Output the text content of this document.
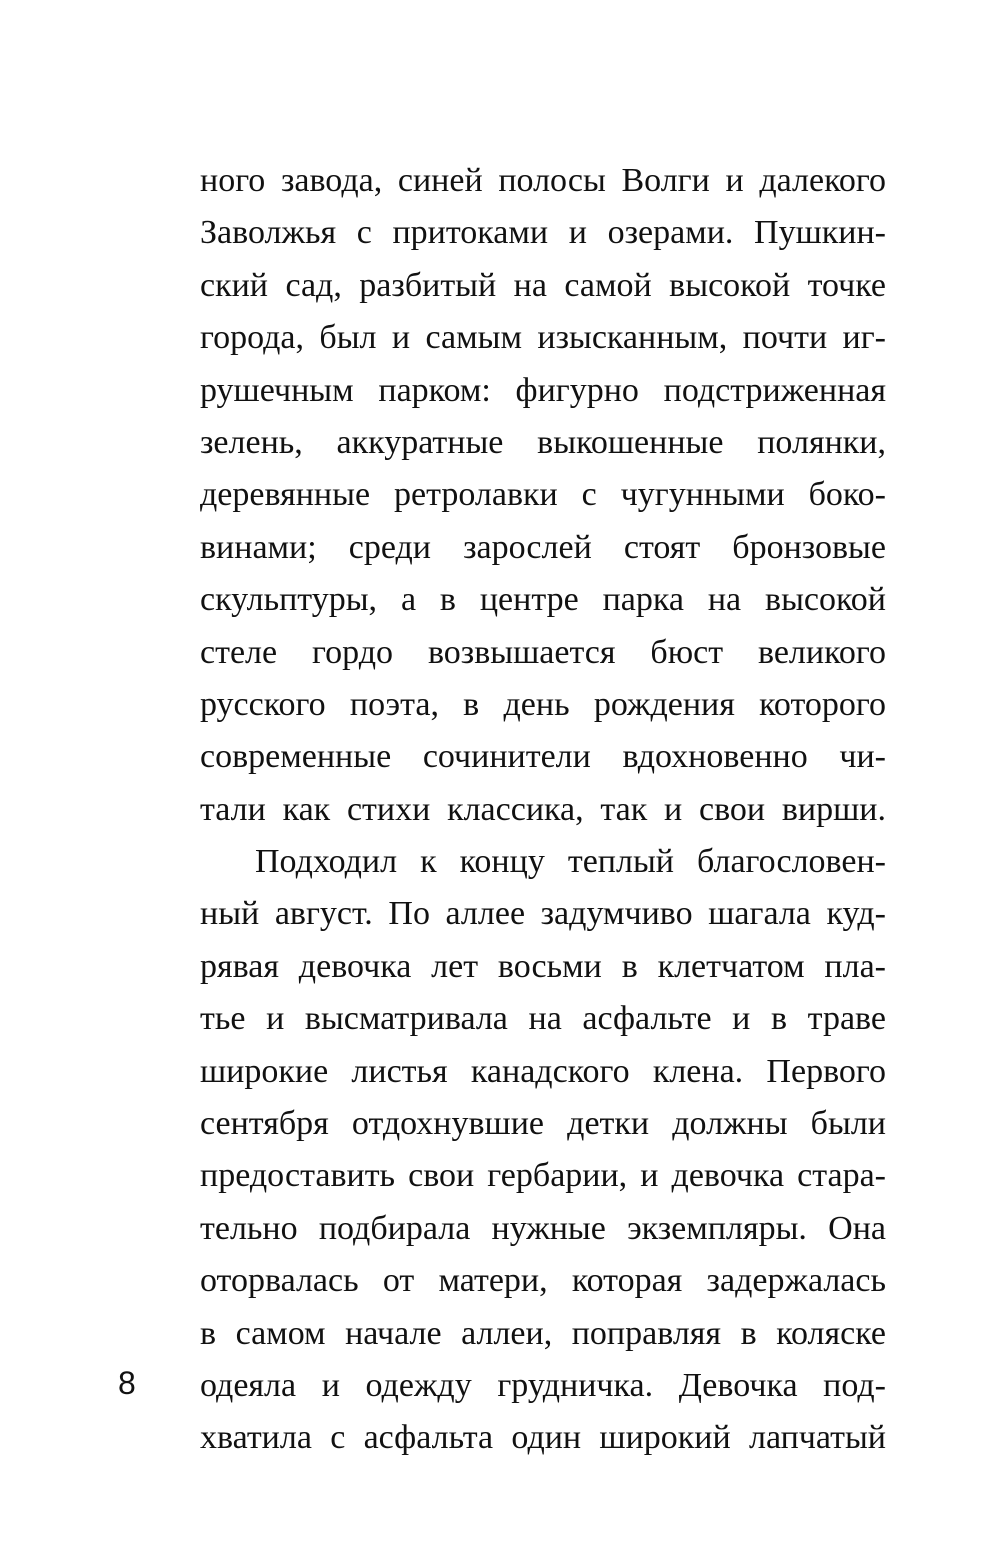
ного завода, синей полосы Волги и далекого
Заволжья с притоками и озерами. Пушкин-
ский сад, разбитый на самой высокой точке
города, был и самым изысканным, почти иг-
рушечным парком: фигурно подстриженная
зелень, аккуратные выкошенные полянки,
деревянные ретролавки с чугунными боко-
винами; среди зарослей стоят бронзовые
скульптуры, а в центре парка на высокой
стеле гордо возвышается бюст великого
русского поэта, в день рождения которого
современные сочинители вдохновенно чи-
тали как стихи классика, так и свои вирши.
Подходил к концу теплый благословен-
ный август. По аллее задумчиво шагала куд-
рявая девочка лет восьми в клетчатом пла-
тье и высматривала на асфальте и в траве
широкие листья канадского клена. Первого
сентября отдохнувшие детки должны были
предоставить свои гербарии, и девочка стара-
тельно подбирала нужные экземпляры. Она
оторвалась от матери, которая задержалась
в самом начале аллеи, поправляя в коляске
одеяла и одежду грудничка. Девочка под-
хватила с асфальта один широкий лапчатый
8
